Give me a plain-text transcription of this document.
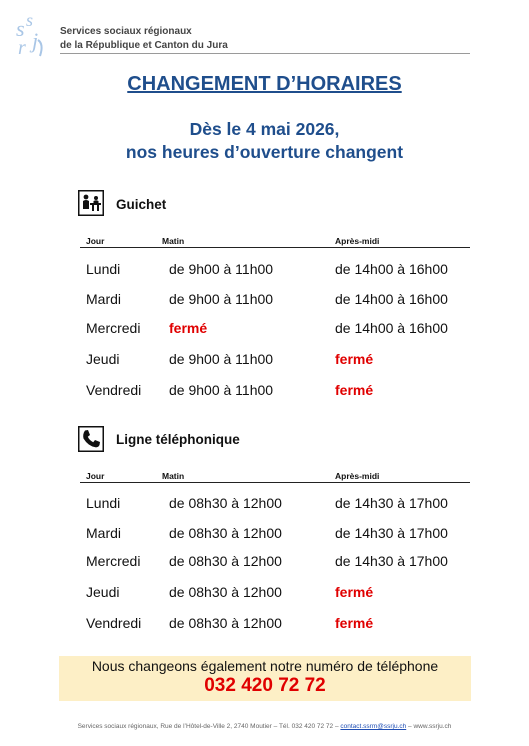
s s
r j Services sociaux régionaux
de la République et Canton du Jura
CHANGEMENT D’HORAIRES
Dès le 4 mai 2026,
nos heures d’ouverture changent
Guichet
Jour	Matin	Après-midi
Lundi	de 9h00 à 11h00	de 14h00 à 16h00
Mardi	de 9h00 à 11h00	de 14h00 à 16h00
Mercredi fermé	de 14h00 à 16h00
Jeudi	de 9h00 à 11h00	fermé
Vendredi de 9h00 à 11h00	fermé
Ligne téléphonique
Jour	Matin	Après-midi
Lundi	de 08h30 à 12h00	de 14h30 à 17h00
Mardi	de 08h30 à 12h00	de 14h30 à 17h00
Mercredi de 08h30 à 12h00	de 14h30 à 17h00
Jeudi	de 08h30 à 12h00	fermé
Vendredi de 08h30 à 12h00	fermé
Nous changeons également notre numéro de téléphone
032 420 72 72
Services sociaux régionaux, Rue de l’Hôtel-de-Ville 2, 2740 Moutier – Tél. 032 420 72 72 – contact.ssrm@ssrju.ch – www.ssrju.ch
